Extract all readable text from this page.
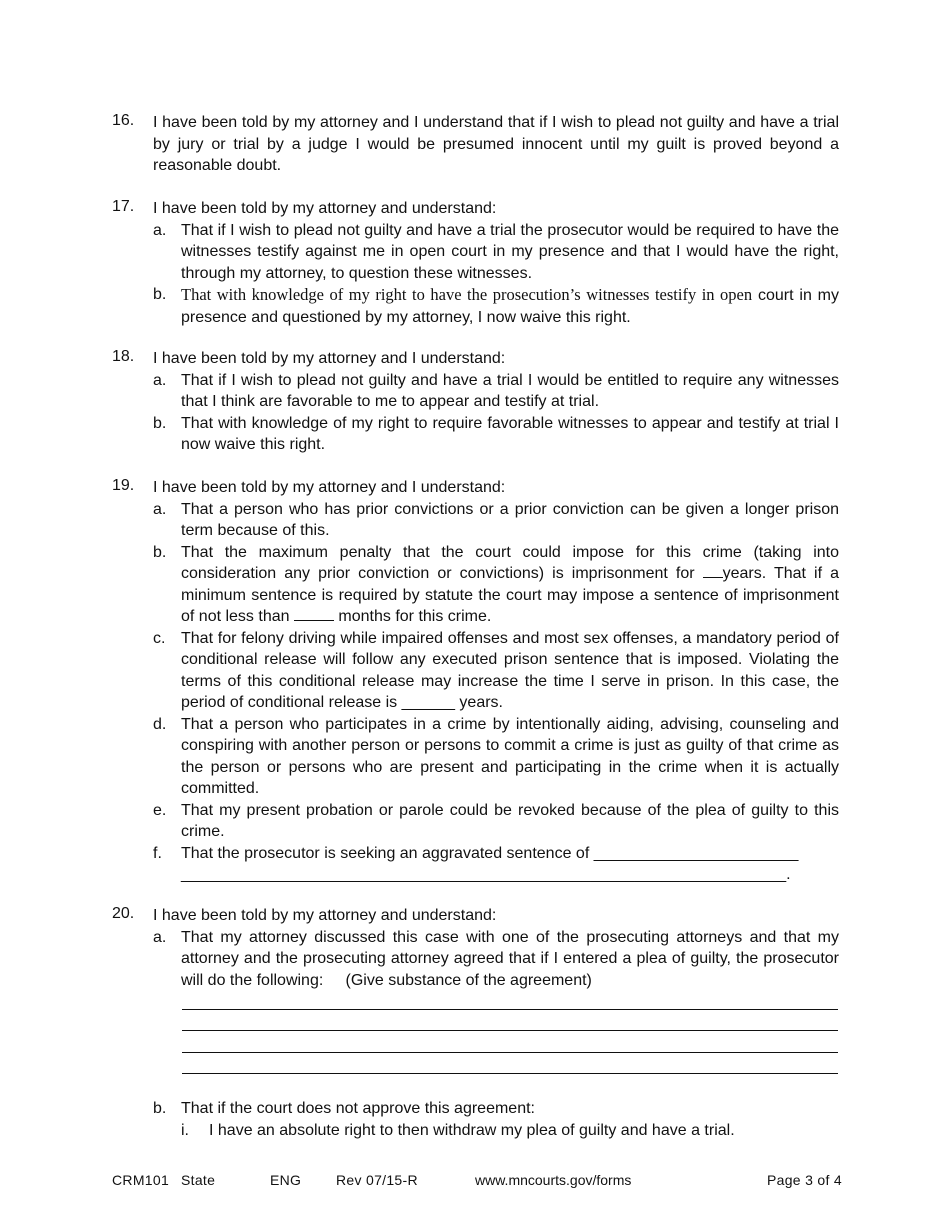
16. I have been told by my attorney and I understand that if I wish to plead not guilty and have a trial by jury or trial by a judge I would be presumed innocent until my guilt is proved beyond a reasonable doubt.
17. I have been told by my attorney and understand:
a. That if I wish to plead not guilty and have a trial the prosecutor would be required to have the witnesses testify against me in open court in my presence and that I would have the right, through my attorney, to question these witnesses.
b. That with knowledge of my right to have the prosecution’s witnesses testify in open court in my presence and questioned by my attorney, I now waive this right.
18. I have been told by my attorney and I understand:
a. That if I wish to plead not guilty and have a trial I would be entitled to require any witnesses that I think are favorable to me to appear and testify at trial.
b. That with knowledge of my right to require favorable witnesses to appear and testify at trial I now waive this right.
19. I have been told by my attorney and I understand:
a. That a person who has prior convictions or a prior conviction can be given a longer prison term because of this.
b. That the maximum penalty that the court could impose for this crime (taking into consideration any prior conviction or convictions) is imprisonment for years. That if a minimum sentence is required by statute the court may impose a sentence of imprisonment of not less than	months for this crime.
c. That for felony driving while impaired offenses and most sex offenses, a mandatory period of conditional release will follow any executed prison sentence that is imposed. Violating the terms of this conditional release may increase the time I serve in prison. In this case, the period of conditional release is ______ years.
d. That a person who participates in a crime by intentionally aiding, advising, counseling and conspiring with another person or persons to commit a crime is just as guilty of that crime as the person or persons who are present and participating in the crime when it is actually committed.
e. That my present probation or parole could be revoked because of the plea of guilty to this crime.
f. That the prosecutor is seeking an aggravated sentence of _______________________
____________________________________________________________________.
20. I have been told by my attorney and understand:
a. That my attorney discussed this case with one of the prosecuting attorneys and that my attorney and the prosecuting attorney agreed that if I entered a plea of guilty, the prosecutor will do the following:     (Give substance of the agreement)
b. That if the court does not approve this agreement:
i. I have an absolute right to then withdraw my plea of guilty and have a trial.
CRM101 State	ENG Rev 07/15-R	www.mncourts.gov/forms	Page 3 of 4
